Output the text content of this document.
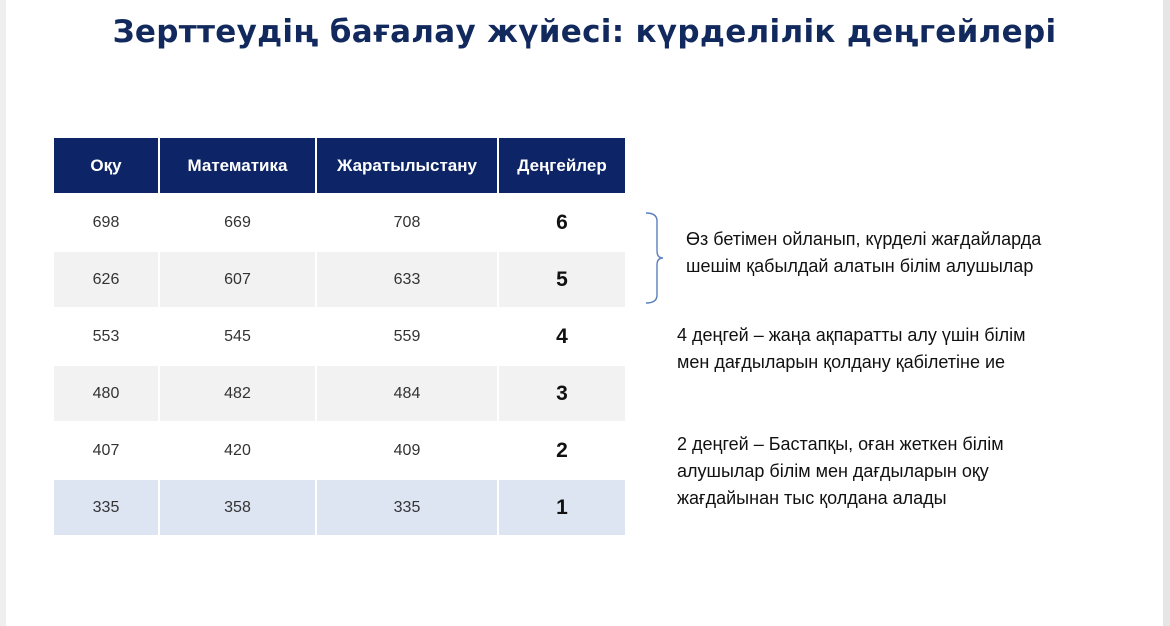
Зерттеудің бағалау жүйесі: күрделілік деңгейлері
Оқу	Математика	Жаратылыстану	Деңгейлер
698	669	708	6
626	607	633	5
553	545	559	4
480	482	484	3
407	420	409	2
335	358	335	1
Өз бетімен ойланып, күрделі жағдайларда
шешім қабылдай алатын білім алушылар
4 деңгей – жаңа ақпаратты алу үшін білім
мен дағдыларын қолдану қабілетіне ие
2 деңгей – Бастапқы, оған жеткен білім
алушылар білім мен дағдыларын оқу
жағдайынан тыс қолдана алады
